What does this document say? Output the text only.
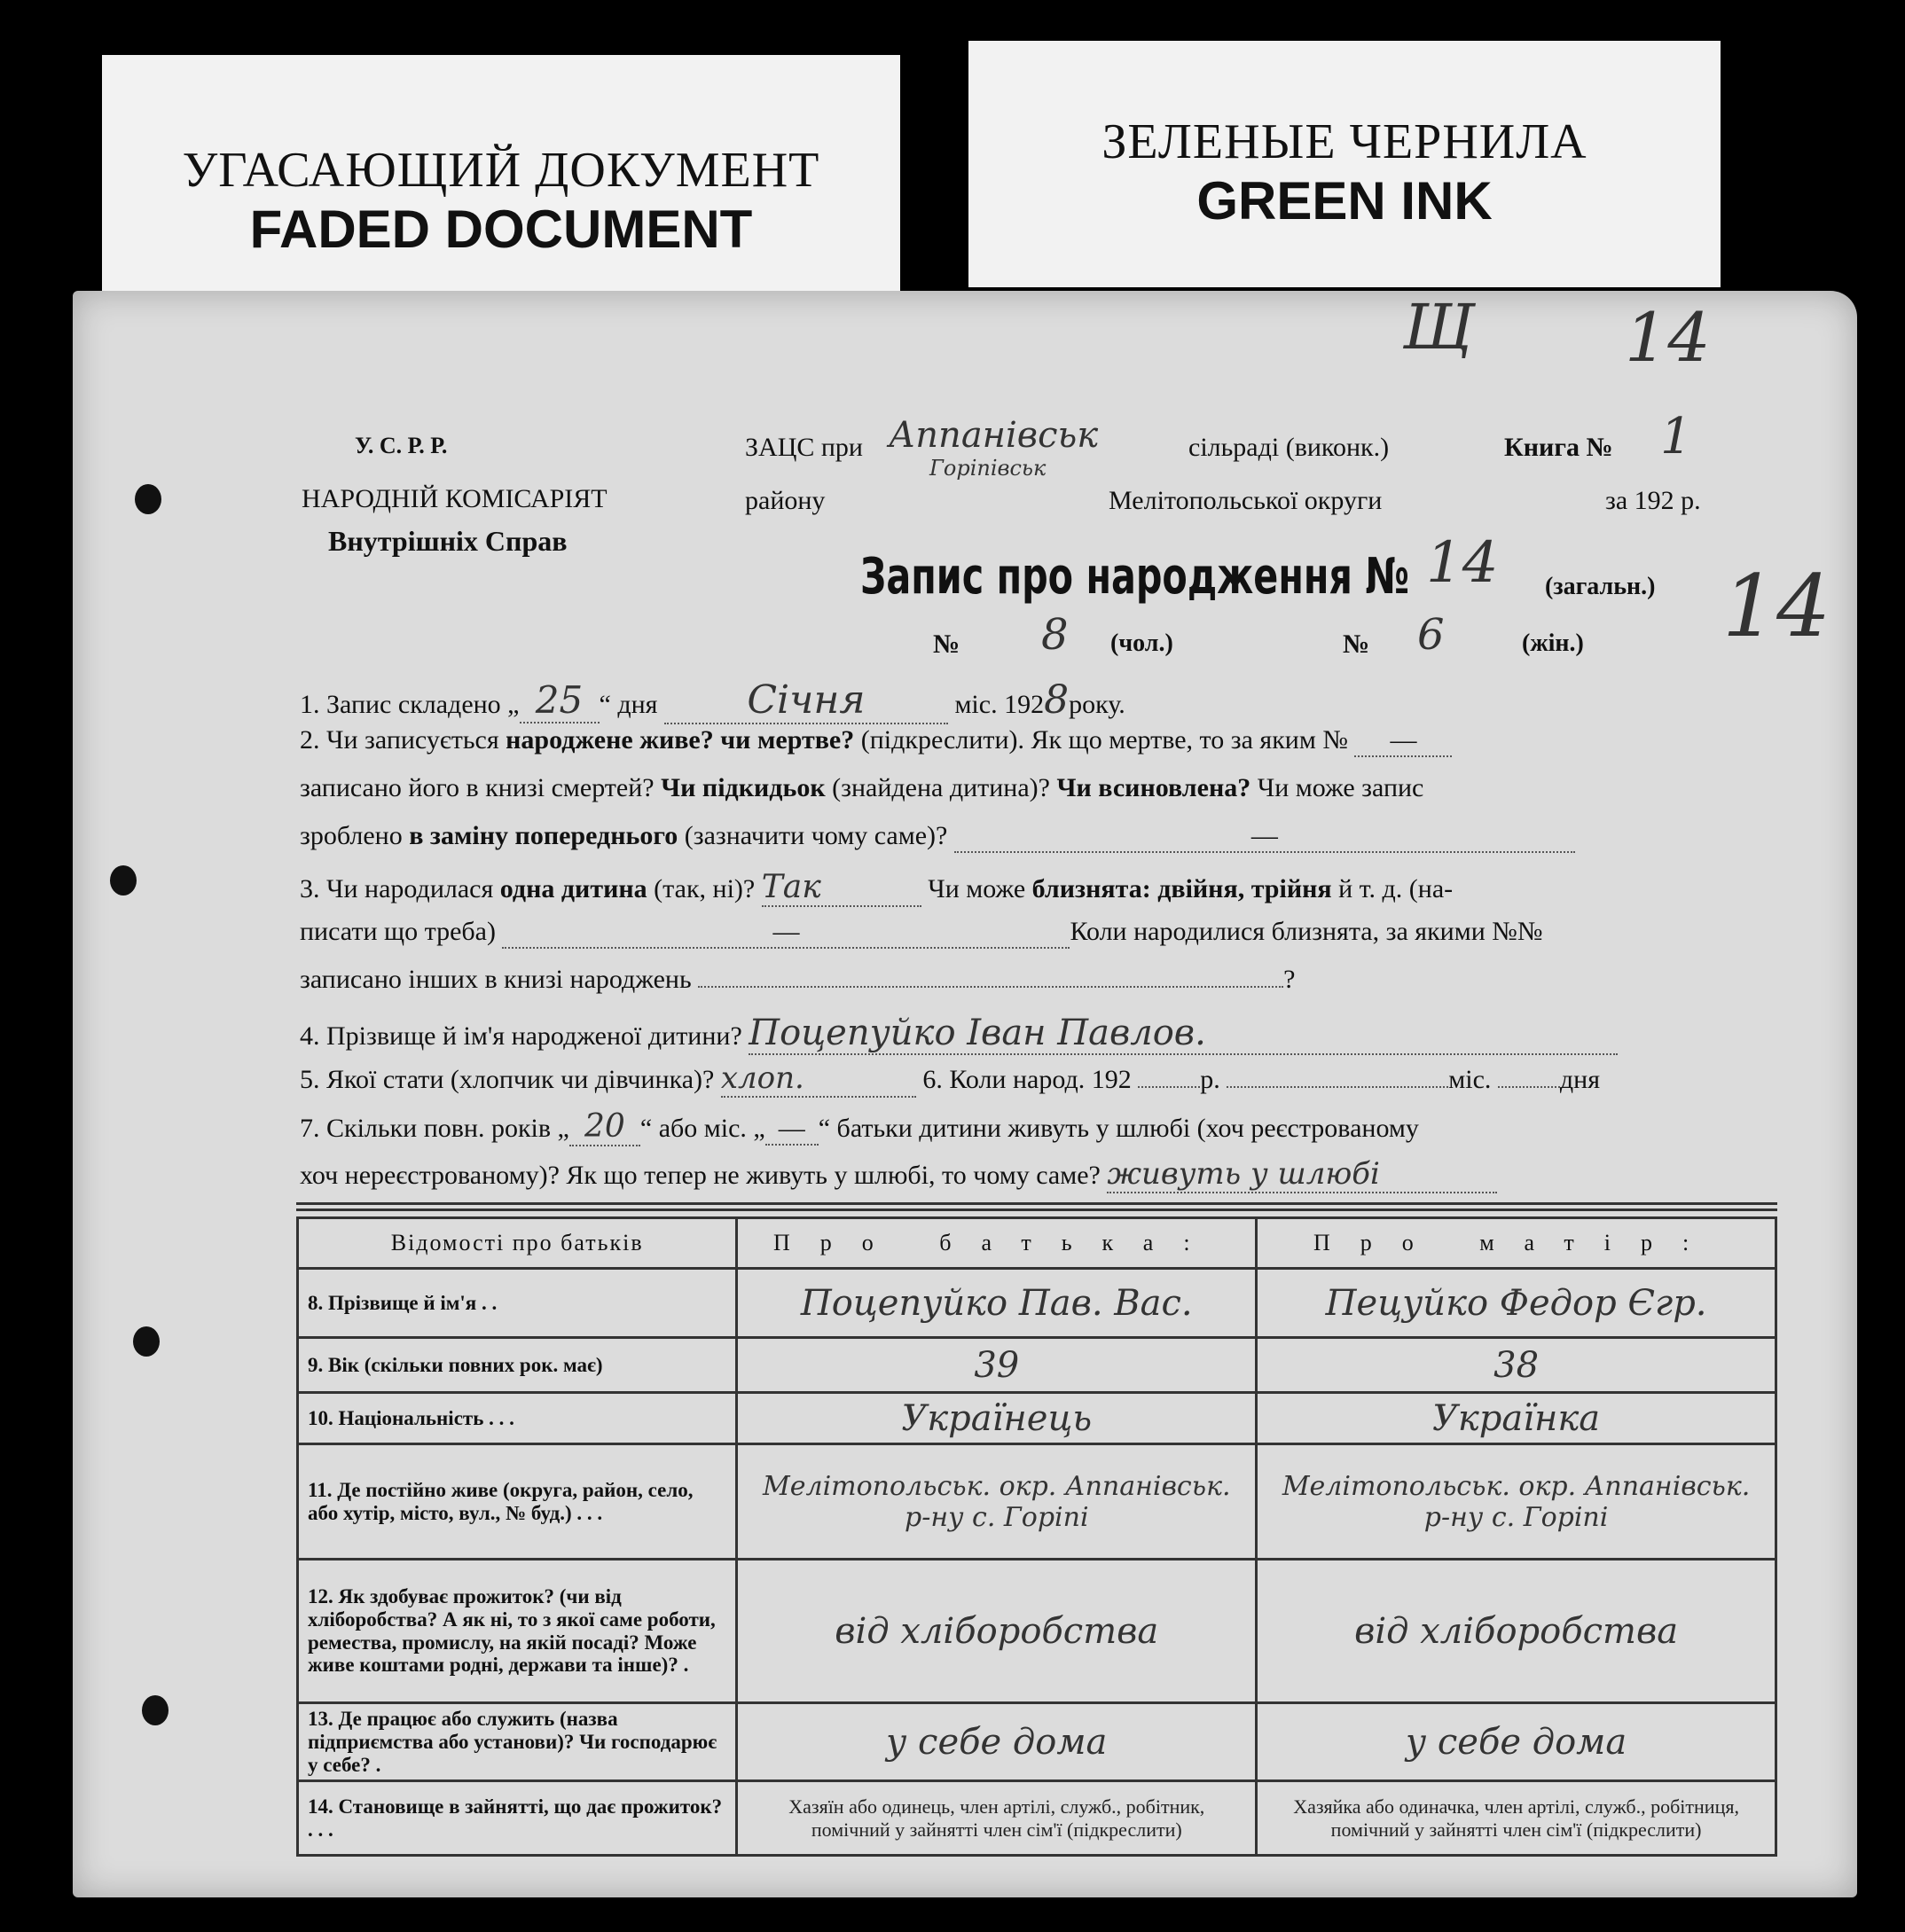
УГАСАЮЩИЙ ДОКУМЕНТ
FADED DOCUMENT
ЗЕЛЕНЫЕ ЧЕРНИЛА
GREEN INK
Щ 14
14
У. С. Р. Р.
НАРОДНІЙ КОМІСАРІЯТ
Внутрішніх Справ
ЗАЦС при Аппанівськ
Горіпівськ
сільраді (виконк.)	Книга № 1
району	Мелітопольської округи	за 192 р.
Запис про народження № 14 (загальн.)
№ 8 (чол.)	№ 6	(жін.)
1. Запис складено „ 25 “ дня Січня	міс. 1928року.
2. Чи записується народжене живе? чи мертве? (підкреслити). Як що мертве, то за яким № —
записано його в книзі смертей? Чи підкидьок (знайдена дитина)? Чи всиновлена? Чи може запис
зроблено в заміну попереднього (зазначити чому саме)?	—
3. Чи народилася одна дитина (так, ні)? Так	Чи може близнята: двійня, трійня й т. д. (на-
писати що треба)	—	Коли народилися близнята, за якими №№
записано інших в книзі народжень	?
4. Прізвище й ім'я народженої дитини? Поцепуйко Іван Павлов.
5. Якої стати (хлопчик чи дівчинка)? хлоп.	6. Коли народ. 192	р.	міс.	дня
7. Скільки повн. років „ 20 “ або міс. „ — “ батьки дитини живуть у шлюбі (хоч реєстрованому
хоч нереєстрованому)? Як що тепер не живуть у шлюбі, то чому саме? живуть у шлюбі
Відомості про батьків	Про батька:	Про матір:
8. Прізвище й ім'я . .	Поцепуйко Пав. Вас.	Пецуйко Федор Єгр.
9. Вік (скільки повних рок. має)	39	38
10. Національність . . .	Українець	Українка
11. Де постійно живе (округа, район, село, або хутір, місто, вул., № буд.) . . .	Мелітопольськ. окр. Аппанівськ. р-ну с. Горіпі	Мелітопольськ. окр. Аппанівськ. р-ну с. Горіпі
12. Як здобуває прожиток? (чи від хліборобства? А як ні, то з якої саме роботи, ремества, промислу, на якій посаді? Може живе коштами родні, держави та інше)? .	від хліборобства	від хліборобства
13. Де працює або служить (назва підприємства або установи)? Чи господарює у себе? .	у себе дома	у себе дома
14. Становище в зайнятті, що дає прожиток? . . .	Хазяїн або одинець, член артілі, служб., робітник, помічний у зайнятті член сім'ї (підкреслити)	Хазяйка або одиначка, член артілі, служб., робітниця, помічний у зайнятті член сім'ї (підкреслити)
